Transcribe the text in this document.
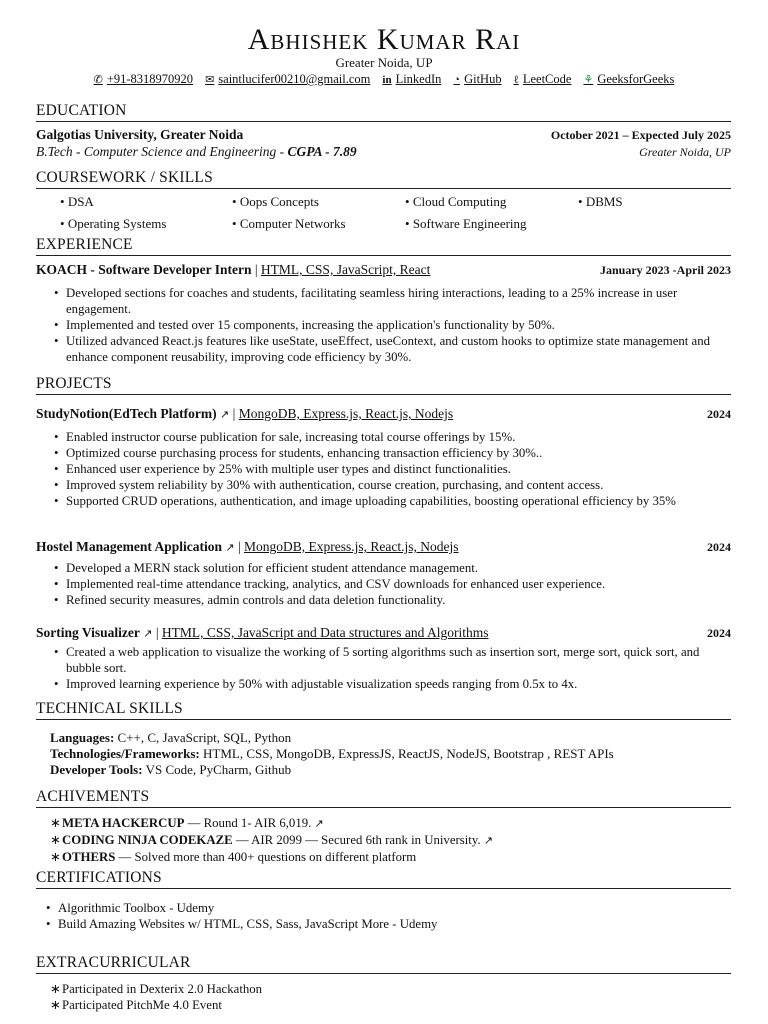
Abhishek Kumar Rai
Greater Noida, UP
✆ +91-8318970920 ✉ saintlucifer00210@gmail.com in LinkedIn ◔ GitHub ℓ LeetCode ⚘ GeeksforGeeks
EDUCATION
Galgotias University, Greater Noida	October 2021 – Expected July 2025
B.Tech - Computer Science and Engineering - CGPA - 7.89	Greater Noida, UP
COURSEWORK / SKILLS
• DSA	• Oops Concepts	• Cloud Computing	• DBMS
• Operating Systems	• Computer Networks	• Software Engineering
EXPERIENCE
KOACH - Software Developer Intern | HTML, CSS, JavaScript, React	January 2023 -April 2023
• Developed sections for coaches and students, facilitating seamless hiring interactions, leading to a 25% increase in user engagement.
• Implemented and tested over 15 components, increasing the application's functionality by 50%.
• Utilized advanced React.js features like useState, useEffect, useContext, and custom hooks to optimize state management and enhance component reusability, improving code efficiency by 30%.
PROJECTS
StudyNotion(EdTech Platform) ↗ | MongoDB, Express.js, React.js, Nodejs	2024
• Enabled instructor course publication for sale, increasing total course offerings by 15%.
• Optimized course purchasing process for students, enhancing transaction efficiency by 30%..
• Enhanced user experience by 25% with multiple user types and distinct functionalities.
• Improved system reliability by 30% with authentication, course creation, purchasing, and content access.
• Supported CRUD operations, authentication, and image uploading capabilities, boosting operational efficiency by 35%
Hostel Management Application ↗ | MongoDB, Express.js, React.js, Nodejs	2024
• Developed a MERN stack solution for efficient student attendance management.
• Implemented real-time attendance tracking, analytics, and CSV downloads for enhanced user experience.
• Refined security measures, admin controls and data deletion functionality.
Sorting Visualizer ↗ | HTML, CSS, JavaScript and Data structures and Algorithms	2024
• Created a web application to visualize the working of 5 sorting algorithms such as insertion sort, merge sort, quick sort, and bubble sort.
• Improved learning experience by 50% with adjustable visualization speeds ranging from 0.5x to 4x.
TECHNICAL SKILLS
Languages: C++, C, JavaScript, SQL, Python
Technologies/Frameworks: HTML, CSS, MongoDB, ExpressJS, ReactJS, NodeJS, Bootstrap , REST APIs
Developer Tools: VS Code, PyCharm, Github
ACHIVEMENTS
∗ META HACKERCUP — Round 1- AIR 6,019. ↗
∗ CODING NINJA CODEKAZE — AIR 2099 — Secured 6th rank in University. ↗
∗ OTHERS — Solved more than 400+ questions on different platform
CERTIFICATIONS
• Algorithmic Toolbox - Udemy
• Build Amazing Websites w/ HTML, CSS, Sass, JavaScript More - Udemy
EXTRACURRICULAR
∗ Participated in Dexterix 2.0 Hackathon
∗ Participated PitchMe 4.0 Event
